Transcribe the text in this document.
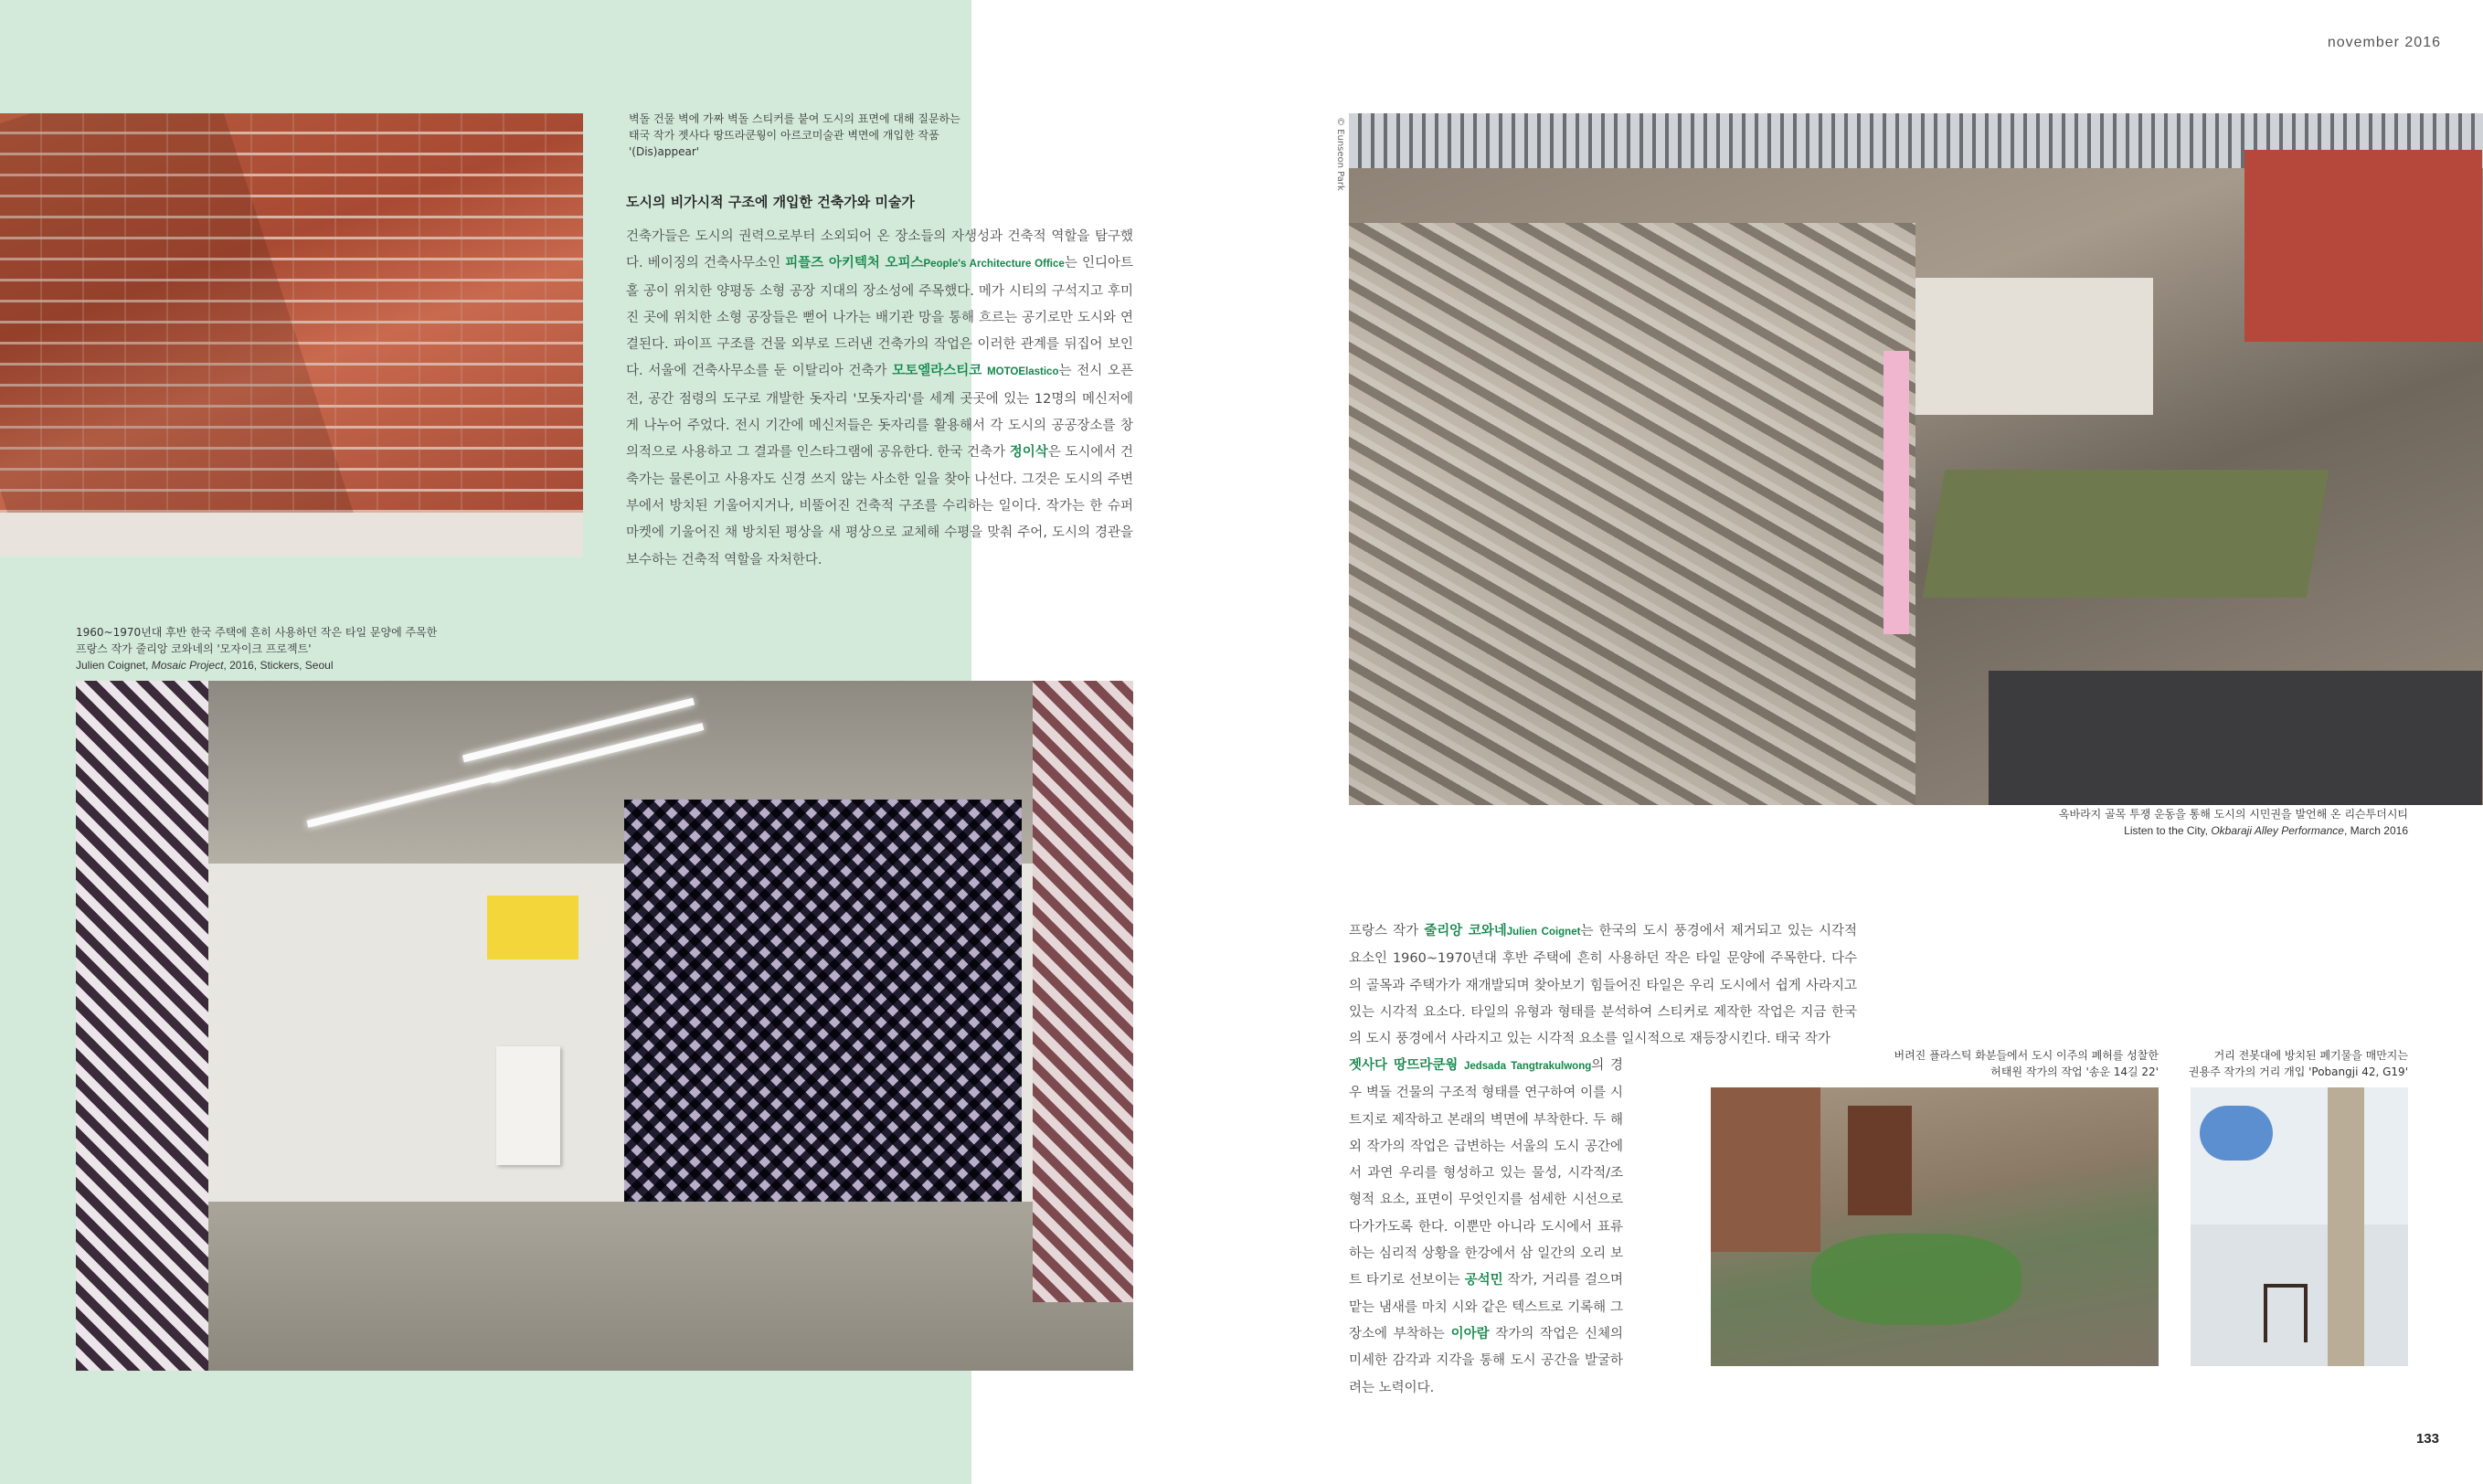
november 2016
벽돌 건물 벽에 가짜 벽돌 스티커를 붙여 도시의 표면에 대해 질문하는
태국 작가 젯사다 땅뜨라쿤웡이 아르코미술관 벽면에 개입한 작품 '(Dis)appear'
도시의 비가시적 구조에 개입한 건축가와 미술가
건축가들은 도시의 권력으로부터 소외되어 온 장소들의 자생성과 건축적 역할을 탐구했다. 베이징의 건축사무소인 피플즈 아키텍처 오피스People's Architecture Office는 인디아트홀 공이 위치한 양평동 소형 공장 지대의 장소성에 주목했다. 메가 시티의 구석지고 후미진 곳에 위치한 소형 공장들은 뻗어 나가는 배기관 망을 통해 흐르는 공기로만 도시와 연결된다. 파이프 구조를 건물 외부로 드러낸 건축가의 작업은 이러한 관계를 뒤집어 보인다. 서울에 건축사무소를 둔 이탈리아 건축가 모토엘라스티코 MOTOElastico는 전시 오픈 전, 공간 점령의 도구로 개발한 돗자리 '모돗자리'를 세계 곳곳에 있는 12명의 메신저에게 나누어 주었다. 전시 기간에 메신저들은 돗자리를 활용해서 각 도시의 공공장소를 창의적으로 사용하고 그 결과를 인스타그램에 공유한다. 한국 건축가 정이삭은 도시에서 건축가는 물론이고 사용자도 신경 쓰지 않는 사소한 일을 찾아 나선다. 그것은 도시의 주변부에서 방치된 기울어지거나, 비뚤어진 건축적 구조를 수리하는 일이다. 작가는 한 슈퍼마켓에 기울어진 채 방치된 평상을 새 평상으로 교체해 수평을 맞춰 주어, 도시의 경관을 보수하는 건축적 역할을 자처한다.
1960~1970년대 후반 한국 주택에 흔히 사용하던 작은 타일 문양에 주목한
프랑스 작가 줄리앙 코와네의 '모자이크 프로젝트'
Julien Coignet, Mosaic Project, 2016, Stickers, Seoul
© Eunseon Park
옥바라지 골목 투쟁 운동을 통해 도시의 시민권을 발언해 온 리슨투더시티
Listen to the City, Okbaraji Alley Performance, March 2016
프랑스 작가 줄리앙 코와네Julien Coignet는 한국의 도시 풍경에서 제거되고 있는 시각적 요소인 1960~1970년대 후반 주택에 흔히 사용하던 작은 타일 문양에 주목한다. 다수의 골목과 주택가가 재개발되며 찾아보기 힘들어진 타일은 우리 도시에서 쉽게 사라지고 있는 시각적 요소다. 타일의 유형과 형태를 분석하여 스티커로 제작한 작업은 지금 한국의 도시 풍경에서 사라지고 있는 시각적 요소를 일시적으로 재등장시킨다. 태국 작가
젯사다 땅뜨라쿤웡 Jedsada Tangtrakulwong의 경우 벽돌 건물의 구조적 형태를 연구하여 이를 시트지로 제작하고 본래의 벽면에 부착한다. 두 해외 작가의 작업은 급변하는 서울의 도시 공간에서 과연 우리를 형성하고 있는 물성, 시각적/조형적 요소, 표면이 무엇인지를 섬세한 시선으로 다가가도록 한다. 이뿐만 아니라 도시에서 표류하는 심리적 상황을 한강에서 삼 일간의 오리 보트 타기로 선보이는 공석민 작가, 거리를 걸으며 맡는 냄새를 마치 시와 같은 텍스트로 기록해 그 장소에 부착하는 이아람 작가의 작업은 신체의 미세한 감각과 지각을 통해 도시 공간을 발굴하려는 노력이다.
버려진 플라스틱 화분들에서 도시 이주의 폐허를 성찰한
허태원 작가의 작업 '송운 14길 22'
거리 전봇대에 방치된 폐기물을 매만지는
권용주 작가의 거리 개입 'Pobangji 42, G19'
133
